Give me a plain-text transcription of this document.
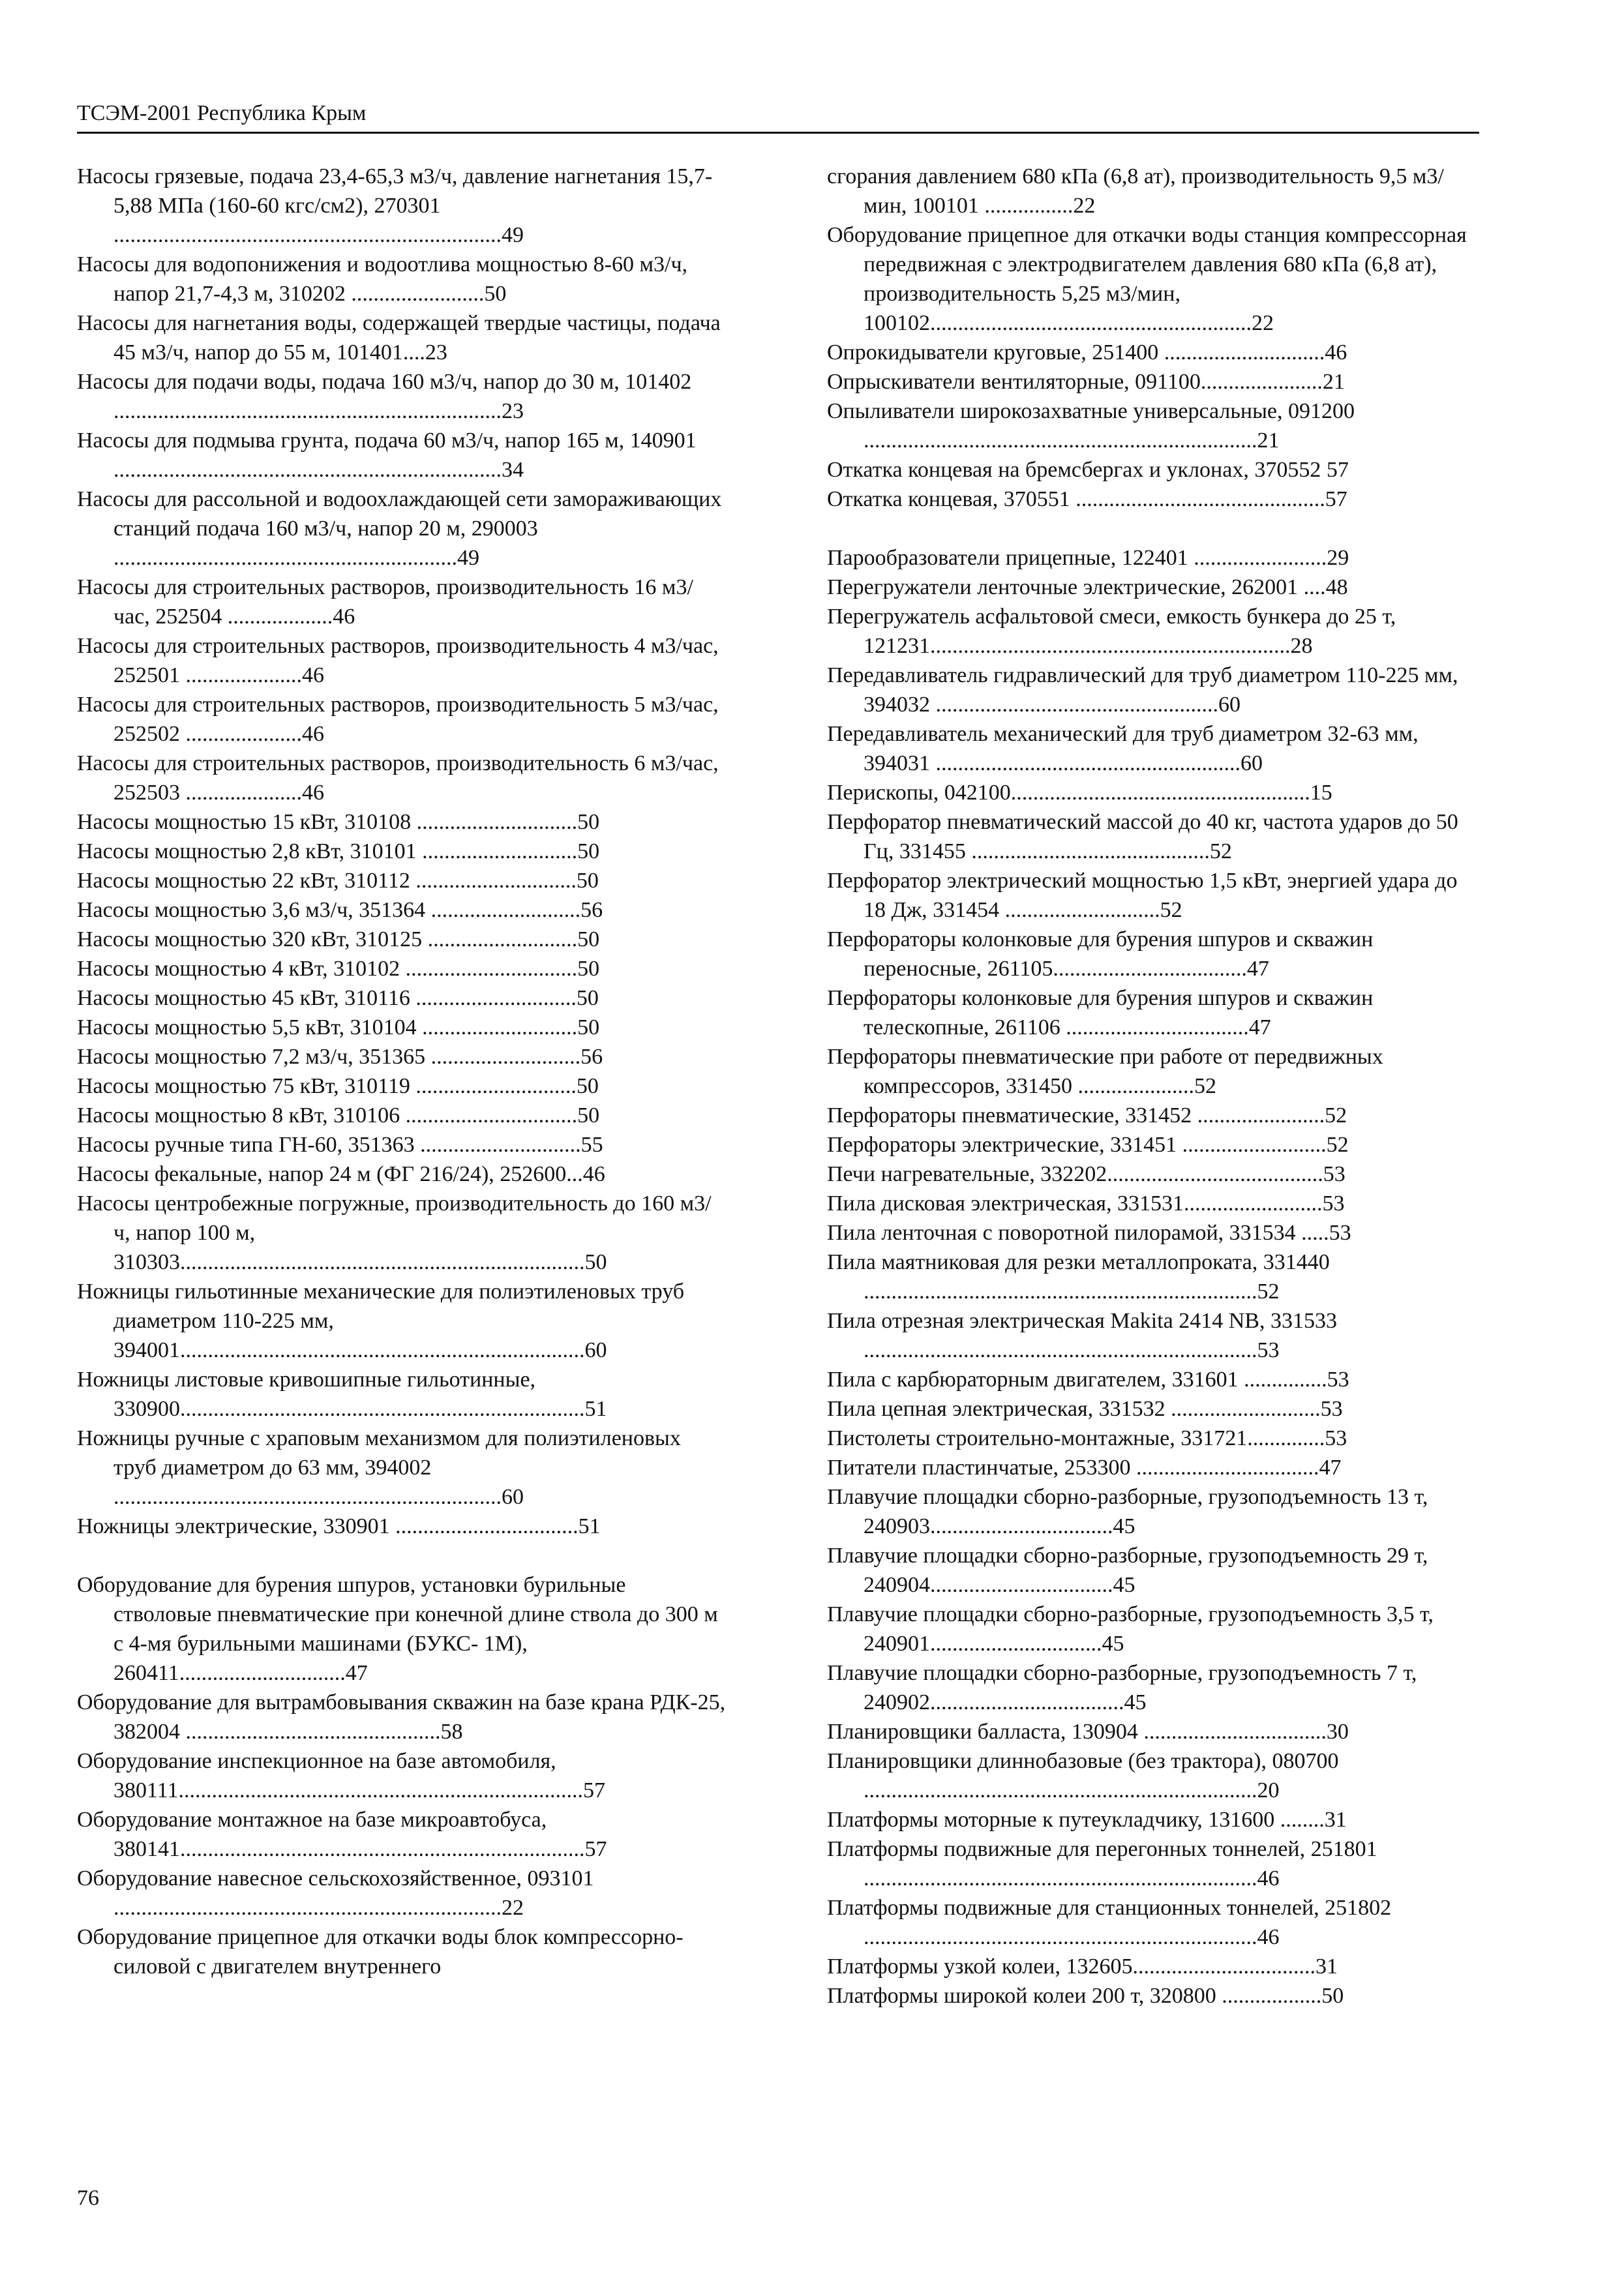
ТСЭМ-2001 Республика Крым
Насосы грязевые, подача 23,4-65,3 м3/ч, давление нагнетания 15,7-5,88 МПа (160-60 кгс/см2), 270301 ......................................................................49
Насосы для водопонижения и водоотлива мощностью 8-60 м3/ч, напор 21,7-4,3 м, 310202 ........................50
Насосы для нагнетания воды, содержащей твердые частицы, подача 45 м3/ч, напор до 55 м, 101401....23
Насосы для подачи воды, подача 160 м3/ч, напор до 30 м, 101402 ......................................................................23
Насосы для подмыва грунта, подача 60 м3/ч, напор 165 м, 140901 ......................................................................34
Насосы для рассольной и водоохлаждающей сети замораживающих станций подача 160 м3/ч, напор 20 м, 290003 ..............................................................49
Насосы для строительных растворов, производительность 16 м3/час, 252504 ...................46
Насосы для строительных растворов, производительность 4 м3/час, 252501 .....................46
Насосы для строительных растворов, производительность 5 м3/час, 252502 .....................46
Насосы для строительных растворов, производительность 6 м3/час, 252503 .....................46
Насосы мощностью 15 кВт, 310108 .............................50
Насосы мощностью 2,8 кВт, 310101 ............................50
Насосы мощностью 22 кВт, 310112 .............................50
Насосы мощностью 3,6 м3/ч, 351364 ...........................56
Насосы мощностью 320 кВт, 310125 ...........................50
Насосы мощностью 4 кВт, 310102 ...............................50
Насосы мощностью 45 кВт, 310116 .............................50
Насосы мощностью 5,5 кВт, 310104 ............................50
Насосы мощностью 7,2 м3/ч, 351365 ...........................56
Насосы мощностью 75 кВт, 310119 .............................50
Насосы мощностью 8 кВт, 310106 ...............................50
Насосы ручные типа ГН-60, 351363 .............................55
Насосы фекальные, напор 24 м (ФГ 216/24), 252600...46
Насосы центробежные погружные, производительность до 160 м3/ч, напор 100 м, 310303.........................................................................50
Ножницы гильотинные механические для полиэтиленовых труб диаметром 110-225 мм, 394001.........................................................................60
Ножницы листовые кривошипные гильотинные, 330900.........................................................................51
Ножницы ручные с храповым механизмом для полиэтиленовых труб диаметром до 63 мм, 394002 ......................................................................60
Ножницы электрические, 330901 .................................51
Оборудование для бурения шпуров, установки бурильные стволовые пневматические при конечной длине ствола до 300 м с 4-мя бурильными машинами (БУКС- 1М), 260411..............................47
Оборудование для вытрамбовывания скважин на базе крана РДК-25, 382004 ..............................................58
Оборудование инспекционное на базе автомобиля, 380111.........................................................................57
Оборудование монтажное на базе микроавтобуса, 380141.........................................................................57
Оборудование навесное сельскохозяйственное, 093101 ......................................................................22
Оборудование прицепное для откачки воды блок компрессорно-силовой с двигателем внутреннего
сгорания давлением 680 кПа (6,8 ат), производительность 9,5 м3/мин, 100101 ................22
Оборудование прицепное для откачки воды станция компрессорная передвижная с электродвигателем давления 680 кПа (6,8 ат), производительность 5,25 м3/мин, 100102..........................................................22
Опрокидыватели круговые, 251400 .............................46
Опрыскиватели вентиляторные, 091100......................21
Опыливатели широкозахватные универсальные, 091200 .......................................................................21
Откатка концевая на бремсбергах и уклонах, 370552 57
Откатка концевая, 370551 .............................................57
Парообразователи прицепные, 122401 ........................29
Перегружатели ленточные электрические, 262001 ....48
Перегружатель асфальтовой смеси, емкость бункера до 25 т, 121231.................................................................28
Передавливатель гидравлический для труб диаметром 110-225 мм, 394032 ...................................................60
Передавливатель механический для труб диаметром 32-63 мм, 394031 .......................................................60
Перископы, 042100......................................................15
Перфоратор пневматический массой до 40 кг, частота ударов до 50 Гц, 331455 ...........................................52
Перфоратор электрический мощностью 1,5 кВт, энергией удара до 18 Дж, 331454 ............................52
Перфораторы колонковые для бурения шпуров и скважин переносные, 261105...................................47
Перфораторы колонковые для бурения шпуров и скважин телескопные, 261106 .................................47
Перфораторы пневматические при работе от передвижных компрессоров, 331450 .....................52
Перфораторы пневматические, 331452 .......................52
Перфораторы электрические, 331451 ..........................52
Печи нагревательные, 332202.......................................53
Пила дисковая электрическая, 331531.........................53
Пила ленточная с поворотной пилорамой, 331534 .....53
Пила маятниковая для резки металлопроката, 331440 .......................................................................52
Пила отрезная электрическая Makita 2414 NB, 331533 .......................................................................53
Пила с карбюраторным двигателем, 331601 ...............53
Пила цепная электрическая, 331532 ...........................53
Пистолеты строительно-монтажные, 331721..............53
Питатели пластинчатые, 253300 .................................47
Плавучие площадки сборно-разборные, грузоподъемность 13 т, 240903.................................45
Плавучие площадки сборно-разборные, грузоподъемность 29 т, 240904.................................45
Плавучие площадки сборно-разборные, грузоподъемность 3,5 т, 240901...............................45
Плавучие площадки сборно-разборные, грузоподъемность 7 т, 240902...................................45
Планировщики балласта, 130904 .................................30
Планировщики длиннобазовые (без трактора), 080700 .......................................................................20
Платформы моторные к путеукладчику, 131600 ........31
Платформы подвижные для перегонных тоннелей, 251801 .......................................................................46
Платформы подвижные для станционных тоннелей, 251802 .......................................................................46
Платформы узкой колеи, 132605.................................31
Платформы широкой колеи 200 т, 320800 ..................50
76
